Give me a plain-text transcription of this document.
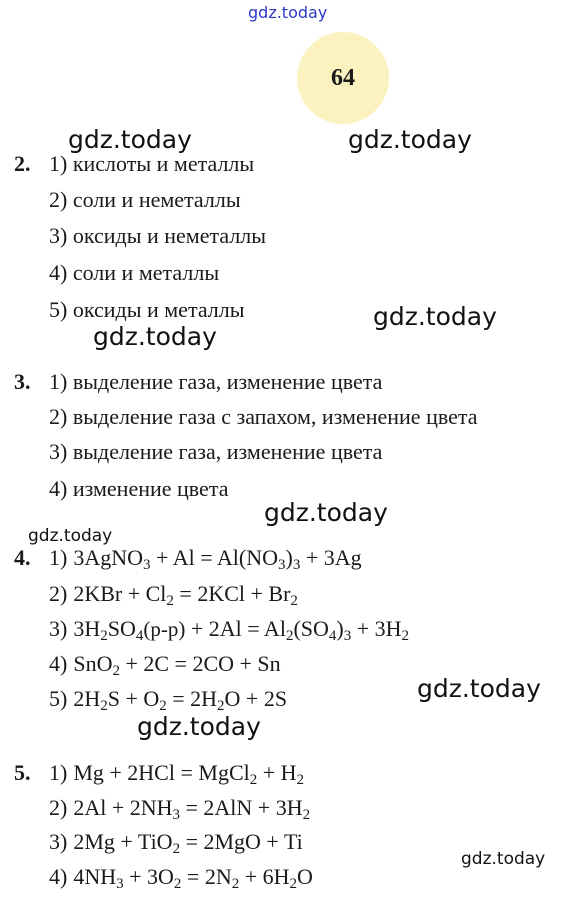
gdz.today
gdz.today	gdz.today
gdz.today
gdz.today
gdz.today
gdz.today
gdz.today
gdz.today
gdz.today
64
2. 1) кислоты и металлы
2) соли и неметаллы
3) оксиды и неметаллы
4) соли и металлы
5) оксиды и металлы
3. 1) выделение газа, изменение цвета
2) выделение газа с запахом, изменение цвета
3) выделение газа, изменение цвета
4) изменение цвета
4. 1) 3AgNO$_3$ + $Al = Al(NO_3)_3 + 3Ag$
2) $2KBr + Cl_2 = 2KCl + Br_2$
3) $3H_2SO_4(р-р) + 2Al = Al_2(SO_4)_3 + 3H_2$
4) SnO$_2$ + 2C = 2CO + Sn
5) $2H_2S + O_2 = 2H_2O + 2S$
5. 1) Mg + 2HCl = MgCl$_2$ + $H_2$
2) $2Al + 2NH_3 = 2AlN + 3H_2$
3) 2Mg + TiO$_2$ = 2MgO + Ti
4) $4NH_3 + 3O_2 = 2N_2 + 6H_2O$
